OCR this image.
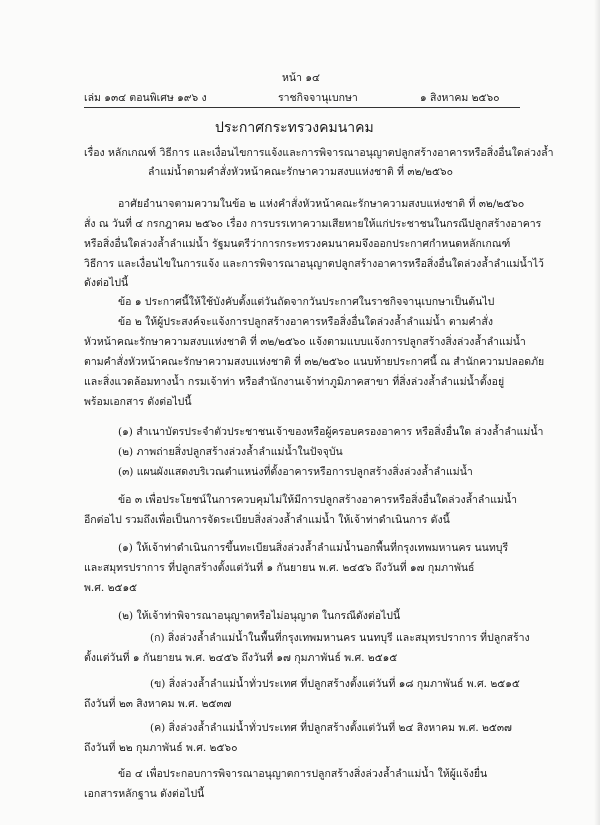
หน้า ๑๔
เล่ม ๑๓๔ ตอนพิเศษ ๑๙๖ ง	ราชกิจจานุเบกษา	๑ สิงหาคม ๒๕๖๐
ประกาศกระทรวงคมนาคม
เรื่อง หลักเกณฑ์ วิธีการ และเงื่อนไขการแจ้งและการพิจารณาอนุญาตปลูกสร้างอาคารหรือสิ่งอื่นใดล่วงล้ำ
ลำแม่น้ำตามคำสั่งหัวหน้าคณะรักษาความสงบแห่งชาติ ที่ ๓๒/๒๕๖๐
อาศัยอำนาจตามความในข้อ ๒ แห่งคำสั่งหัวหน้าคณะรักษาความสงบแห่งชาติ ที่ ๓๒/๒๕๖๐
สั่ง ณ วันที่ ๔ กรกฎาคม ๒๕๖๐ เรื่อง การบรรเทาความเสียหายให้แก่ประชาชนในกรณีปลูกสร้างอาคาร
หรือสิ่งอื่นใดล่วงล้ำลำแม่น้ำ รัฐมนตรีว่าการกระทรวงคมนาคมจึงออกประกาศกำหนดหลักเกณฑ์
วิธีการ และเงื่อนไขในการแจ้ง และการพิจารณาอนุญาตปลูกสร้างอาคารหรือสิ่งอื่นใดล่วงล้ำลำแม่น้ำไว้
ดังต่อไปนี้
ข้อ ๑ ประกาศนี้ให้ใช้บังคับตั้งแต่วันถัดจากวันประกาศในราชกิจจานุเบกษาเป็นต้นไป
ข้อ ๒ ให้ผู้ประสงค์จะแจ้งการปลูกสร้างอาคารหรือสิ่งอื่นใดล่วงล้ำลำแม่น้ำ ตามคำสั่ง
หัวหน้าคณะรักษาความสงบแห่งชาติ ที่ ๓๒/๒๕๖๐ แจ้งตามแบบแจ้งการปลูกสร้างสิ่งล่วงล้ำลำแม่น้ำ
ตามคำสั่งหัวหน้าคณะรักษาความสงบแห่งชาติ ที่ ๓๒/๒๕๖๐ แนบท้ายประกาศนี้ ณ สำนักความปลอดภัย
และสิ่งแวดล้อมทางน้ำ กรมเจ้าท่า หรือสำนักงานเจ้าท่าภูมิภาคสาขา ที่สิ่งล่วงล้ำลำแม่น้ำตั้งอยู่
พร้อมเอกสาร ดังต่อไปนี้
(๑) สำเนาบัตรประจำตัวประชาชนเจ้าของหรือผู้ครอบครองอาคาร หรือสิ่งอื่นใด ล่วงล้ำลำแม่น้ำ
(๒) ภาพถ่ายสิ่งปลูกสร้างล่วงล้ำลำแม่น้ำในปัจจุบัน
(๓) แผนผังแสดงบริเวณตำแหน่งที่ตั้งอาคารหรือการปลูกสร้างสิ่งล่วงล้ำลำแม่น้ำ
ข้อ ๓ เพื่อประโยชน์ในการควบคุมไม่ให้มีการปลูกสร้างอาคารหรือสิ่งอื่นใดล่วงล้ำลำแม่น้ำ
อีกต่อไป รวมถึงเพื่อเป็นการจัดระเบียบสิ่งล่วงล้ำลำแม่น้ำ ให้เจ้าท่าดำเนินการ ดังนี้
(๑) ให้เจ้าท่าดำเนินการขึ้นทะเบียนสิ่งล่วงล้ำลำแม่น้ำนอกพื้นที่กรุงเทพมหานคร นนทบุรี
และสมุทรปราการ ที่ปลูกสร้างตั้งแต่วันที่ ๑ กันยายน พ.ศ. ๒๔๕๖ ถึงวันที่ ๑๗ กุมภาพันธ์
พ.ศ. ๒๕๑๕
(๒) ให้เจ้าท่าพิจารณาอนุญาตหรือไม่อนุญาต ในกรณีดังต่อไปนี้
(ก) สิ่งล่วงล้ำลำแม่น้ำในพื้นที่กรุงเทพมหานคร นนทบุรี และสมุทรปราการ ที่ปลูกสร้าง
ตั้งแต่วันที่ ๑ กันยายน พ.ศ. ๒๔๕๖ ถึงวันที่ ๑๗ กุมภาพันธ์ พ.ศ. ๒๕๑๕
(ข) สิ่งล่วงล้ำลำแม่น้ำทั่วประเทศ ที่ปลูกสร้างตั้งแต่วันที่ ๑๘ กุมภาพันธ์ พ.ศ. ๒๕๑๕
ถึงวันที่ ๒๓ สิงหาคม พ.ศ. ๒๕๓๗
(ค) สิ่งล่วงล้ำลำแม่น้ำทั่วประเทศ ที่ปลูกสร้างตั้งแต่วันที่ ๒๔ สิงหาคม พ.ศ. ๒๕๓๗
ถึงวันที่ ๒๒ กุมภาพันธ์ พ.ศ. ๒๕๖๐
ข้อ ๔ เพื่อประกอบการพิจารณาอนุญาตการปลูกสร้างสิ่งล่วงล้ำลำแม่น้ำ ให้ผู้แจ้งยื่น
เอกสารหลักฐาน ดังต่อไปนี้
